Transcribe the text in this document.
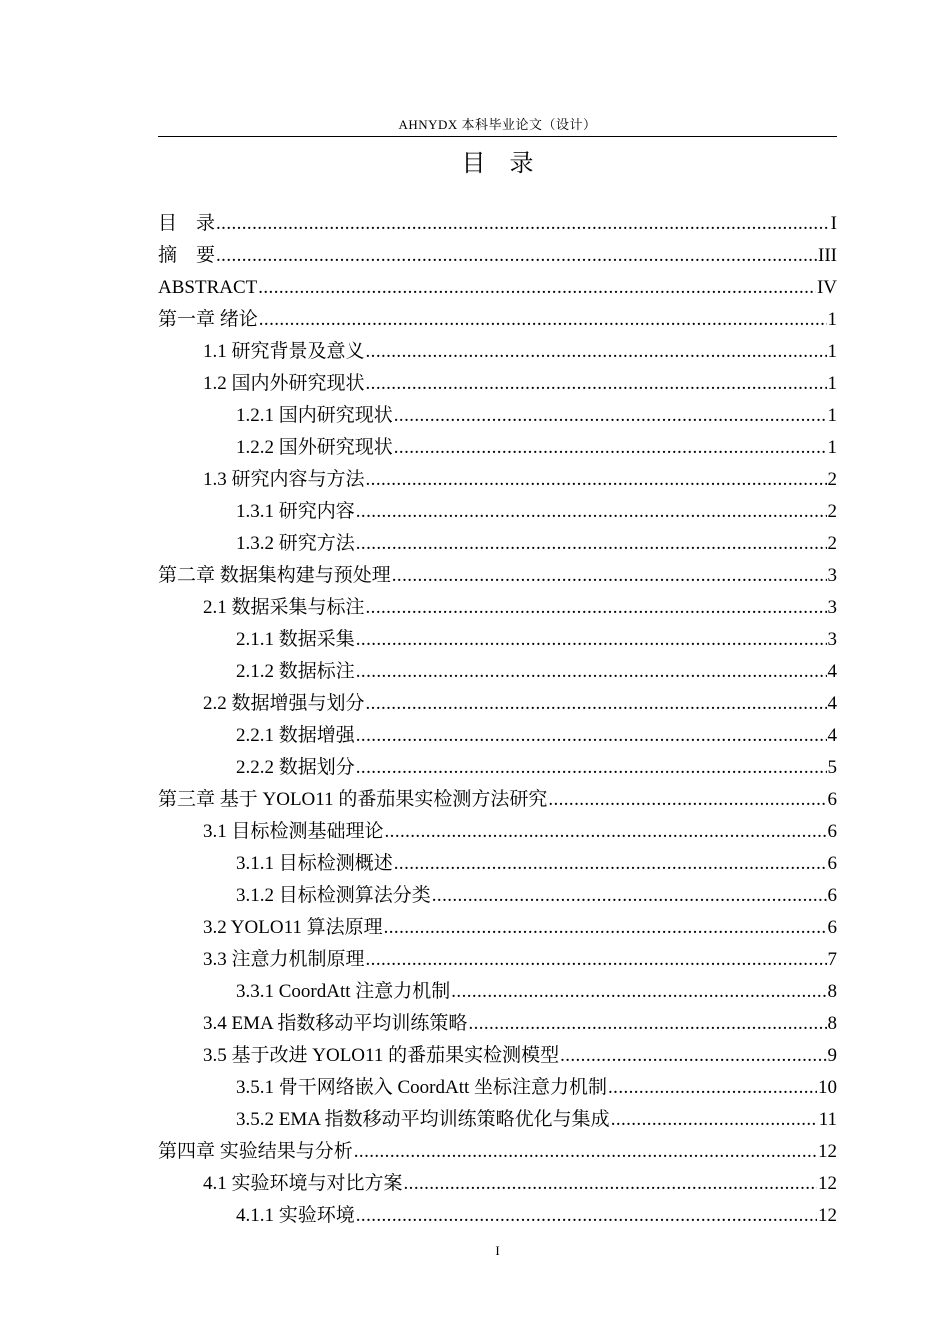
AHNYDX 本科毕业论文（设计）
目　录
目　录 .....	I
摘　要 .....	III
ABSTRACT .....	IV
第一章 绪论 .....	1
1.1 研究背景及意义 .....	1
1.2 国内外研究现状 .....	1
1.2.1 国内研究现状 .....	1
1.2.2 国外研究现状 .....	1
1.3 研究内容与方法 .....	2
1.3.1 研究内容 .....	2
1.3.2 研究方法 .....	2
第二章 数据集构建与预处理 .....	3
2.1 数据采集与标注 .....	3
2.1.1 数据采集 .....	3
2.1.2 数据标注 .....	4
2.2 数据增强与划分 .....	4
2.2.1 数据增强 .....	4
2.2.2 数据划分 .....	5
第三章 基于 YOLO11 的番茄果实检测方法研究 .....	6
3.1 目标检测基础理论 .....	6
3.1.1 目标检测概述 .....	6
3.1.2 目标检测算法分类 .....	6
3.2 YOLO11 算法原理 .....	6
3.3 注意力机制原理 .....	7
3.3.1 CoordAtt 注意力机制 .....	8
3.4 EMA 指数移动平均训练策略 .....	8
3.5 基于改进 YOLO11 的番茄果实检测模型 .....	9
3.5.1 骨干网络嵌入 CoordAtt 坐标注意力机制 .....	10
3.5.2 EMA 指数移动平均训练策略优化与集成 .....	11
第四章 实验结果与分析 .....	12
4.1 实验环境与对比方案 .....	12
4.1.1 实验环境 .....	12
I
